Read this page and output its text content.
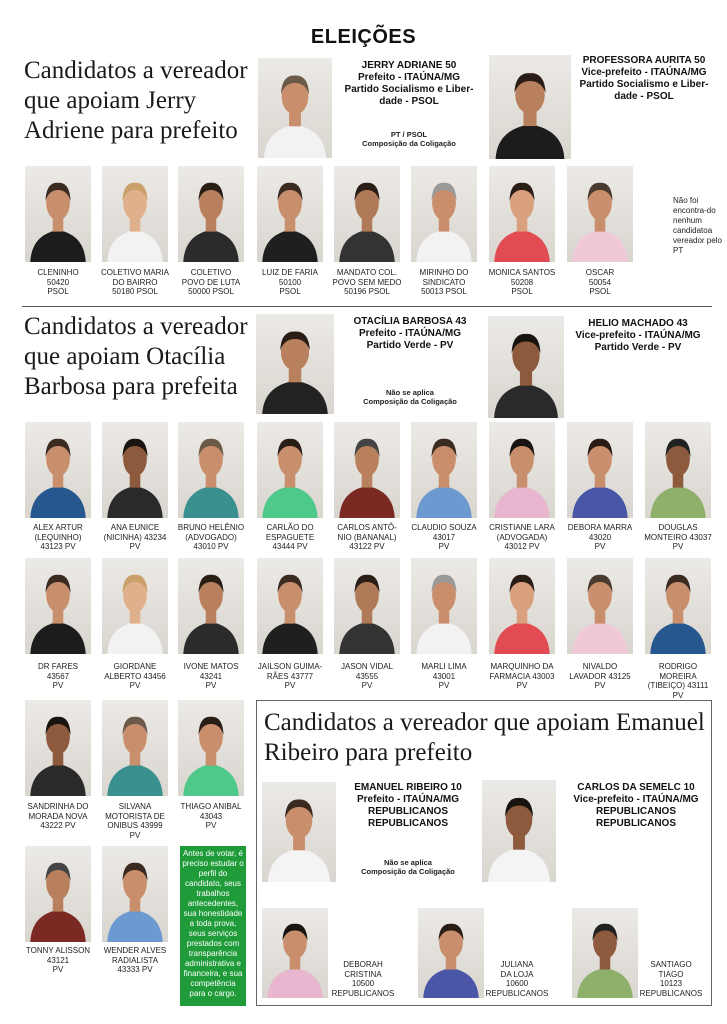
ELEIÇÕES
Candidatos a vereador
que apoiam Jerry
Adriene para prefeito
JERRY ADRIANE 50
Prefeito - ITAÚNA/MG
Partido Socialismo e Liber-
dade - PSOL
PT / PSOL
Composição da Coligação
PROFESSORA AURITA 50
Vice-prefeito - ITAÚNA/MG
Partido Socialismo e Liber-
dade - PSOL
CLENINHO
50420
PSOL
COLETIVO MARIA
DO BAIRRO
50180 PSOL
COLETIVO
POVO DE LUTA
50000 PSOL
LUIZ DE FARIA
50100
PSOL
MANDATO COL.
POVO SEM MEDO
50196 PSOL
MIRINHO DO
SINDICATO
50013 PSOL
MONICA SANTOS
50208
PSOL
OSCAR
50054
PSOL
Não foi encontra-do nenhum candidatoa vereador pelo PT
Candidatos a vereador
que apoiam Otacília
Barbosa para prefeita
OTACÍLIA BARBOSA 43
Prefeito - ITAÚNA/MG
Partido Verde - PV
Não se aplica
Composição da Coligação
HELIO MACHADO 43
Vice-prefeito - ITAÚNA/MG
Partido Verde - PV
ALEX ARTUR
(LEQUINHO)
43123 PV
ANA EUNICE
(NICINHA) 43234
PV
BRUNO HELÊNIO
(ADVOGADO)
43010 PV
CARLÃO DO
ESPAGUETE
43444 PV
CARLOS ANTÔ-
NIO (BANANAL)
43122 PV
CLAUDIO SOUZA
43017
PV
CRISTIANE LARA
(ADVOGADA)
43012 PV
DEBORA MARRA
43020
PV
DOUGLAS
MONTEIRO 43037
PV
DR FARES
43567
PV
GIORDANE
ALBERTO 43456
PV
IVONE MATOS
43241
PV
JAILSON GUIMA-
RÃES 43777
PV
JASON VIDAL
43555
PV
MARLI LIMA
43001
PV
MARQUINHO DA
FARMACIA 43003
PV
NIVALDO
LAVADOR 43125
PV
RODRIGO
MOREIRA
(TIBEIÇO) 43111
PV
SANDRINHA DO
MORADA NOVA
43222 PV
SILVANA
MOTORISTA DE
ONIBUS 43999
PV
THIAGO ANIBAL
43043
PV
TONNY ALISSON
43121
PV
WENDER ALVES
RADIALISTA
43333 PV
Antes de votar, é preciso estudar o perfil do candidato, seus trabalhos antecedentes, sua honestidade a toda prova, seus serviços prestados com transparência administrativa e financeira, e sua competência para o cargo.
Candidatos a vereador que apoiam Emanuel
Ribeiro para prefeito
EMANUEL RIBEIRO 10
Prefeito - ITAÚNA/MG
REPUBLICANOS
REPUBLICANOS
Não se aplica
Composição da Coligação
CARLOS DA SEMELC 10
Vice-prefeito - ITAÚNA/MG
REPUBLICANOS
REPUBLICANOS
DEBORAH
CRISTINA
10500
REPUBLICANOS
JULIANA
DA LOJA
10600
REPUBLICANOS
SANTIAGO
TIAGO
10123
REPUBLICANOS
